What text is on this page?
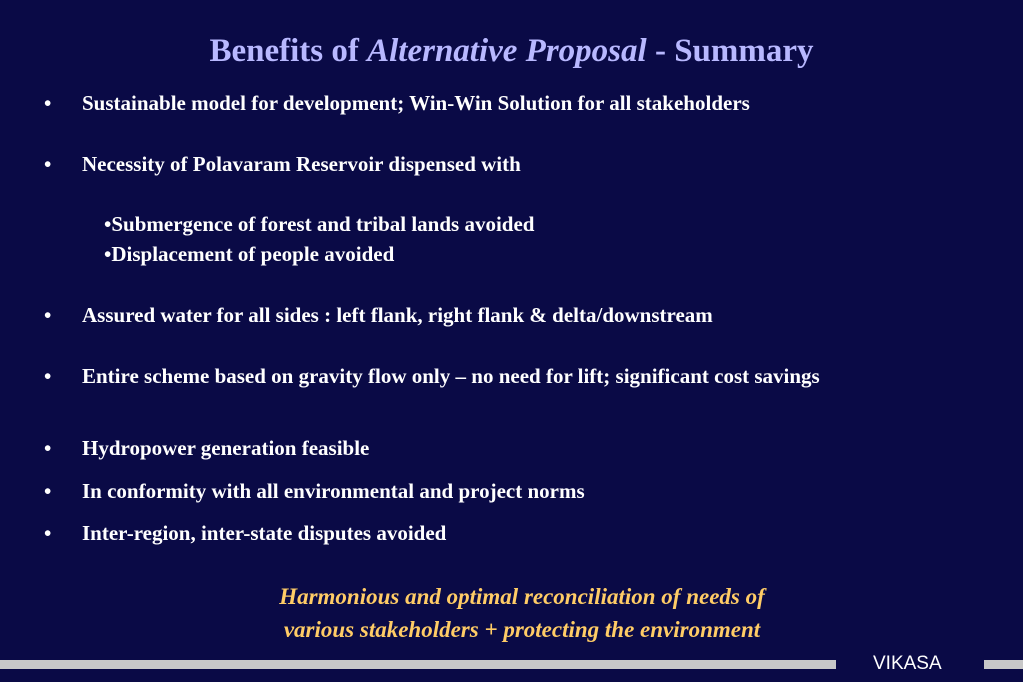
Benefits of Alternative Proposal - Summary
• Sustainable model for development; Win-Win Solution for all stakeholders
• Necessity of Polavaram Reservoir dispensed with
•Submergence of forest and tribal lands avoided
•Displacement of people avoided
• Assured water for all sides : left flank, right flank & delta/downstream
• Entire scheme based on gravity flow only – no need for lift; significant cost savings
• Hydropower generation feasible
• In conformity with all environmental and project norms
• Inter-region, inter-state disputes avoided
Harmonious and optimal reconciliation of needs of
various stakeholders + protecting the environment
VIKASA
